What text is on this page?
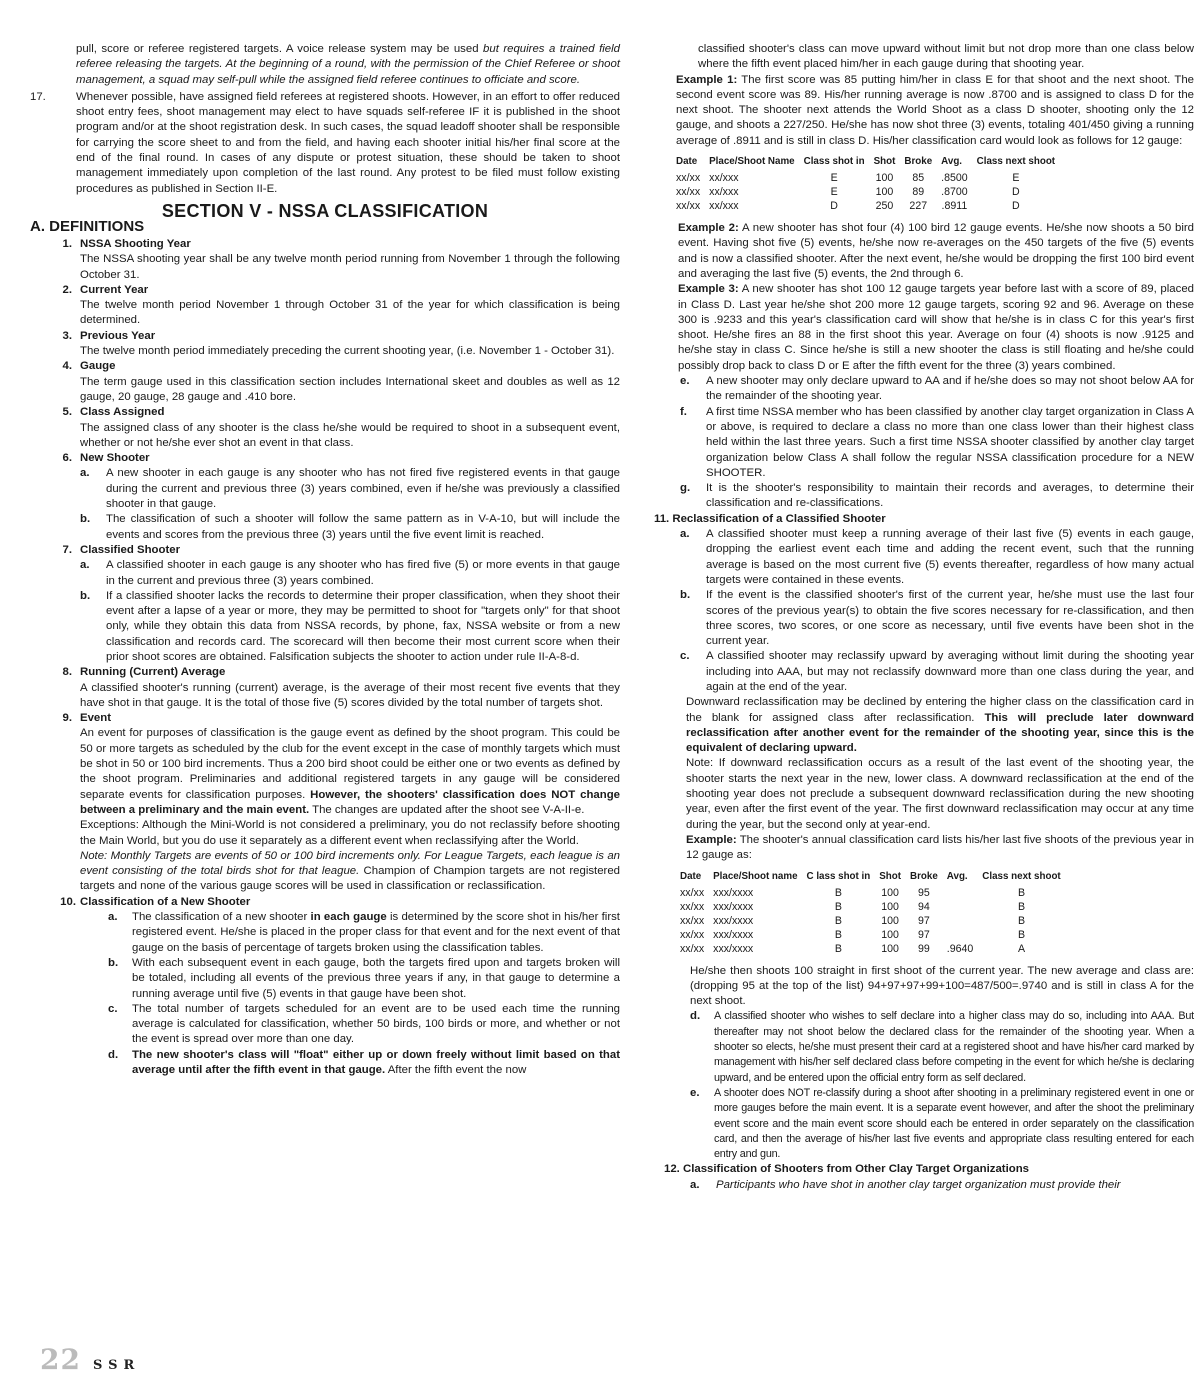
pull, score or referee registered targets. A voice release system may be used but requires a trained field referee releasing the targets. At the beginning of a round, with the permission of the Chief Referee or shoot management, a squad may self-pull while the assigned field referee continues to officiate and score.

17.	Whenever possible, have assigned field referees at registered shoots. However, in an effort to offer reduced shoot entry fees, shoot management may elect to have squads self-referee IF it is published in the shoot program and/or at the shoot registration desk. In such cases, the squad leadoff shooter shall be responsible for carrying the score sheet to and from the field, and having each shooter initial his/her final score at the end of the final round. In cases of any dispute or protest situation, these should be taken to shoot management immediately upon completion of the last round. Any protest to be filed must follow existing procedures as published in Section II-E.

SECTION V - NSSA CLASSIFICATION
A. DEFINITIONS
1. NSSA Shooting Year

The NSSA shooting year shall be any twelve month period running from November 1 through the following October 31.

2. Current Year

The twelve month period November 1 through October 31 of the year for which classification is being determined.

3. Previous Year

The twelve month period immediately preceding the current shooting year, (i.e. November 1 - October 31).

4. Gauge

The term gauge used in this classification section includes International skeet and doubles as well as 12 gauge, 20 gauge, 28 gauge and .410 bore.

5. Class Assigned

The assigned class of any shooter is the class he/she would be required to shoot in a subsequent event, whether or not he/she ever shot an event in that class.

6. New Shooter
a.	A new shooter in each gauge is any shooter who has not fired five registered events in that gauge during the current and previous three (3) years combined, even if he/she was previously a classified shooter in that gauge.

b.	The classification of such a shooter will follow the same pattern as in V-A-10, but will include the events and scores from the previous three (3) years until the five event limit is reached.

7. Classified Shooter
a.	A classified shooter in each gauge is any shooter who has fired five (5) or more events in that gauge in the current and previous three (3) years combined.

b.	If a classified shooter lacks the records to determine their proper classification, when they shoot their event after a lapse of a year or more, they may be permitted to shoot for "targets only" for that shoot only, while they obtain this data from NSSA records, by phone, fax, NSSA website or from a new classification and records card. The scorecard will then become their most current score when their prior shoot scores are obtained. Falsification subjects the shooter to action under rule II-A-8-d.

8. Running (Current) Average

A classified shooter's running (current) average, is the average of their most recent five events that they have shot in that gauge. It is the total of those five (5) scores divided by the total number of targets shot.

9. Event

An event for purposes of classification is the gauge event as defined by the shoot program. This could be 50 or more targets as scheduled by the club for the event except in the case of monthly targets which must be shot in 50 or 100 bird increments. Thus a 200 bird shoot could be either one or two events as defined by the shoot program. Preliminaries and additional registered targets in any gauge will be considered separate events for classification purposes. However, the shooters' classification does NOT change between a preliminary and the main event. The changes are updated after the shoot see V-A-II-e.

Exceptions: Although the Mini-World is not considered a preliminary, you do not reclassify before shooting the Main World, but you do use it separately as a different event when reclassifying after the World.

Note: Monthly Targets are events of 50 or 100 bird increments only. For League Targets, each league is an event consisting of the total birds shot for that league. Champion of Champion targets are not registered targets and none of the various gauge scores will be used in classification or reclassification.

10. Classification of a New Shooter
a.	The classification of a new shooter in each gauge is determined by the score shot in his/her first registered event. He/she is placed in the proper class for that event and for the next event of that gauge on the basis of percentage of targets broken using the classification tables.

b.	With each subsequent event in each gauge, both the targets fired upon and targets broken will be totaled, including all events of the previous three years if any, in that gauge to determine a running average until five (5) events in that gauge have been shot.

c.	The total number of targets scheduled for an event are to be used each time the running average is calculated for classification, whether 50 birds, 100 birds or more, and whether or not the event is spread over more than one day.

d.	The new shooter's class will "float" either up or down freely without limit based on that average until after the fifth event in that gauge. After the fifth event the now

classified shooter's class can move upward without limit but not drop more than one class below where the fifth event placed him/her in each gauge during that shooting year.

Example 1: The first score was 85 putting him/her in class E for that shoot and the next shoot. The second event score was 89. His/her running average is now .8700 and is assigned to class D for the next shoot. The shooter next attends the World Shoot as a class D shooter, shooting only the 12 gauge, and shoots a 227/250. He/she has now shot three (3) events, totaling 401/450 giving a running average of .8911 and is still in class D. His/her classification card would look as follows for 12 gauge:

Date	Place/Shoot Name	Class shot in	Shot	Broke	Avg.	Class next shoot
xx/xx	xx/xxx	E	100	85	.8500	E
xx/xx	xx/xxx	E	100	89	.8700	D
xx/xx	xx/xxx	D	250	227	.8911	D

Example 2: A new shooter has shot four (4) 100 bird 12 gauge events. He/she now shoots a 50 bird event. Having shot five (5) events, he/she now re-averages on the 450 targets of the five (5) events and is now a classified shooter. After the next event, he/she would be dropping the first 100 bird event and averaging the last five (5) events, the 2nd through 6.

Example 3: A new shooter has shot 100 12 gauge targets year before last with a score of 89, placed in Class D. Last year he/she shot 200 more 12 gauge targets, scoring 92 and 96. Average on these 300 is .9233 and this year's classification card will show that he/she is in class C for this year's first shoot. He/she fires an 88 in the first shoot this year. Average on four (4) shoots is now .9125 and he/she stay in class C. Since he/she is still a new shooter the class is still floating and he/she could possibly drop back to class D or E after the fifth event for the three (3) years combined.

e.	A new shooter may only declare upward to AA and if he/she does so may not shoot below AA for the remainder of the shooting year.

f.	A first time NSSA member who has been classified by another clay target organization in Class A or above, is required to declare a class no more than one class lower than their highest class held within the last three years. Such a first time NSSA shooter classified by another clay target organization below Class A shall follow the regular NSSA classification procedure for a NEW SHOOTER.

g.	It is the shooter's responsibility to maintain their records and averages, to determine their classification and re-classifications.

11. Reclassification of a Classified Shooter
a.	A classified shooter must keep a running average of their last five (5) events in each gauge, dropping the earliest event each time and adding the recent event, such that the running average is based on the most current five (5) events thereafter, regardless of how many actual targets were contained in these events.

b.	If the event is the classified shooter's first of the current year, he/she must use the last four scores of the previous year(s) to obtain the five scores necessary for re-classification, and then three scores, two scores, or one score as necessary, until five events have been shot in the current year.

c.	A classified shooter may reclassify upward by averaging without limit during the shooting year including into AAA, but may not reclassify downward more than one class during the year, and again at the end of the year.

Downward reclassification may be declined by entering the higher class on the classification card in the blank for assigned class after reclassification. This will preclude later downward reclassification after another event for the remainder of the shooting year, since this is the equivalent of declaring upward.

Note: If downward reclassification occurs as a result of the last event of the shooting year, the shooter starts the next year in the new, lower class. A downward reclassification at the end of the shooting year does not preclude a subsequent downward reclassification during the new shooting year, even after the first event of the year. The first downward reclassification may occur at any time during the year, but the second only at year-end.

Example: The shooter's annual classification card lists his/her last five shoots of the previous year in 12 gauge as:

Date	Place/Shoot name	C lass shot in	Shot	Broke	Avg.	Class next shoot
xx/xx	xxx/xxxx	B	100	95		B
xx/xx	xxx/xxxx	B	100	94		B
xx/xx	xxx/xxxx	B	100	97		B
xx/xx	xxx/xxxx	B	100	97		B
xx/xx	xxx/xxxx	B	100	99	.9640	A

He/she then shoots 100 straight in first shoot of the current year. The new average and class are: (dropping 95 at the top of the list) 94+97+97+99+100=487/500=.9740 and is still in class A for the next shoot.

d.	A classified shooter who wishes to self declare into a higher class may do so, including into AAA. But thereafter may not shoot below the declared class for the remainder of the shooting year. When a shooter so elects, he/she must present their card at a registered shoot and have his/her card marked by management with his/her self declared class before competing in the event for which he/she is declaring upward, and be entered upon the official entry form as self declared.

e.	A shooter does NOT re-classify during a shoot after shooting in a preliminary registered event in one or more gauges before the main event. It is a separate event however, and after the shoot the preliminary event score and the main event score should each be entered in order separately on the classification card, and then the average of his/her last five events and appropriate class resulting entered for each entry and gun.

12. Classification of Shooters from Other Clay Target Organizations
a.	Participants who have shot in another clay target organization must provide their

22 SSR
